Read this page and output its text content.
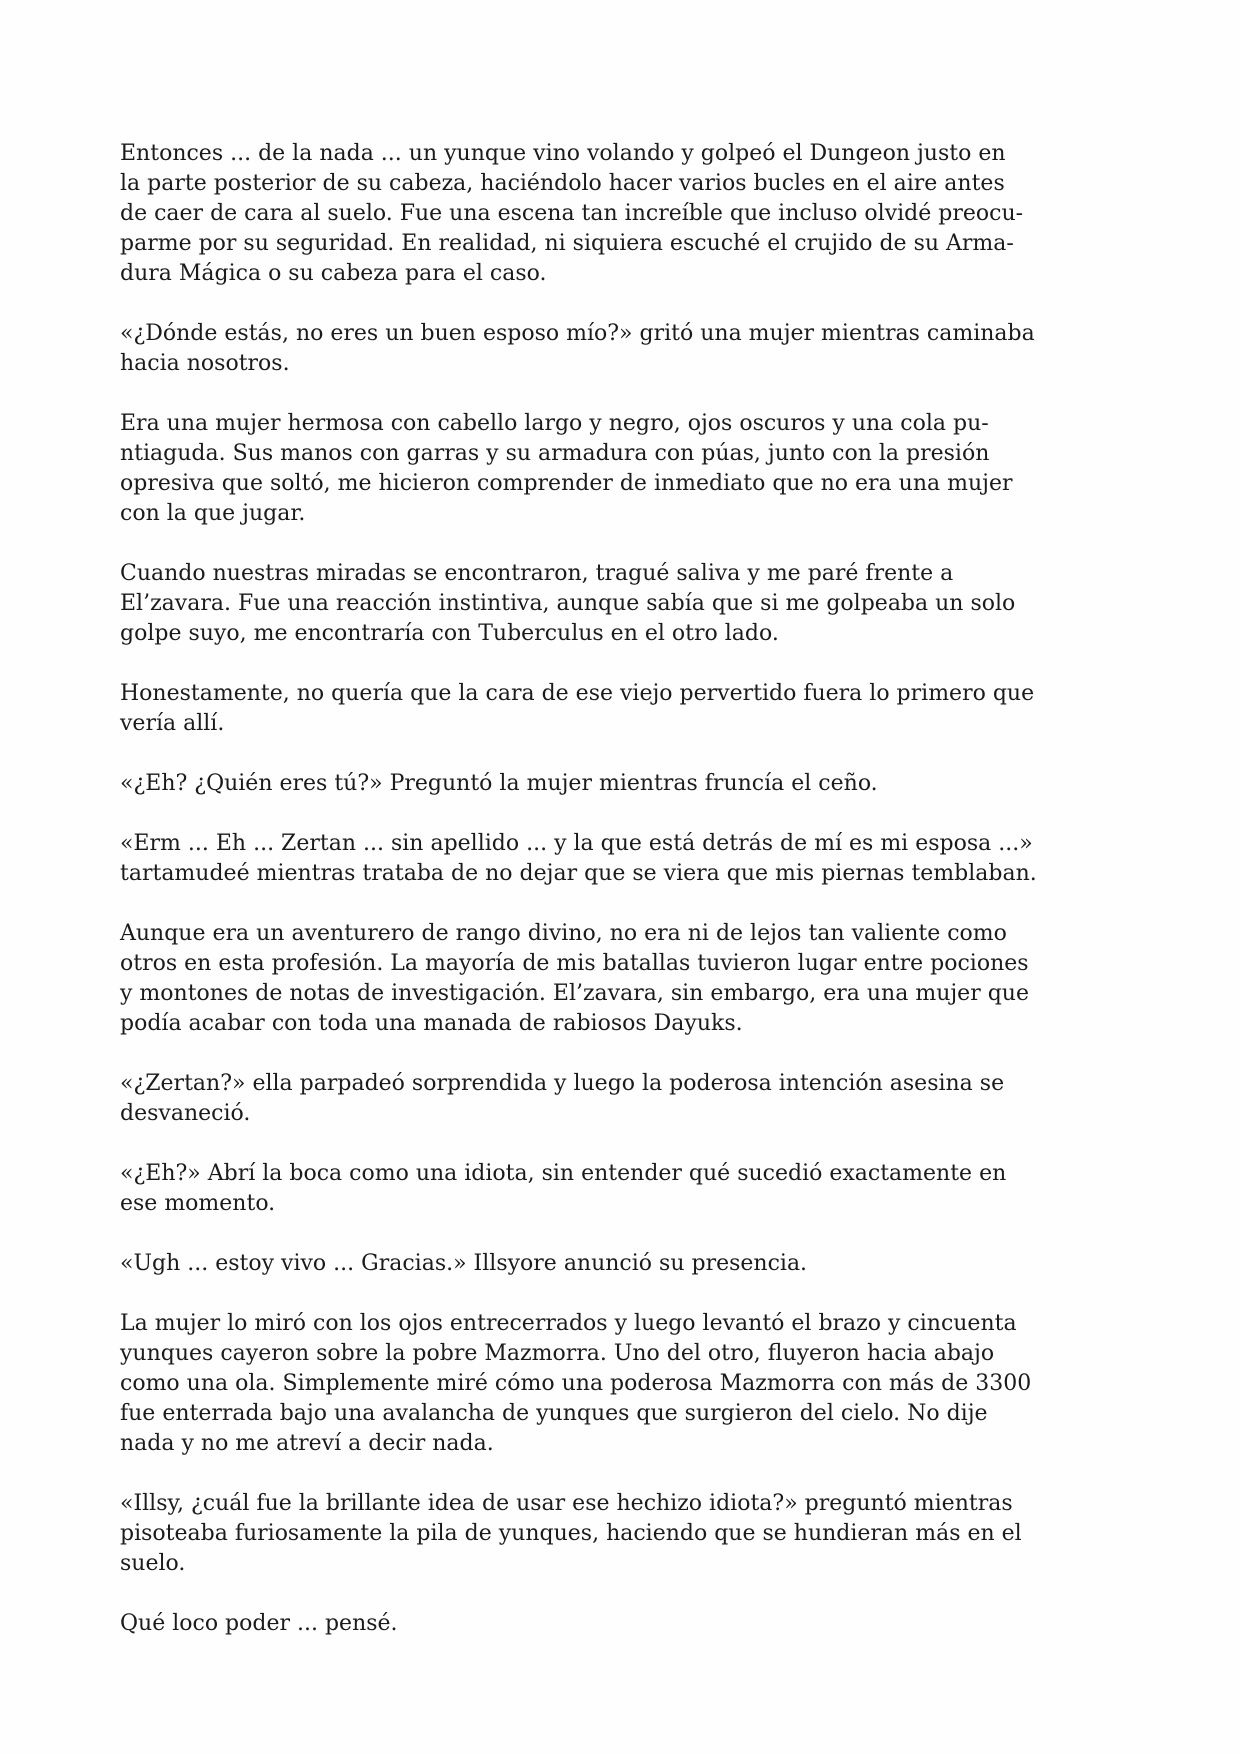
Entonces ... de la nada ... un yunque vino volando y golpeó el Dungeon justo en
la parte posterior de su cabeza, haciéndolo hacer varios bucles en el aire antes
de caer de cara al suelo. Fue una escena tan increíble que incluso olvidé preocu-
parme por su seguridad. En realidad, ni siquiera escuché el crujido de su Arma-
dura Mágica o su cabeza para el caso.
«¿Dónde estás, no eres un buen esposo mío?» gritó una mujer mientras caminaba
hacia nosotros.
Era una mujer hermosa con cabello largo y negro, ojos oscuros y una cola pu-
ntiaguda. Sus manos con garras y su armadura con púas, junto con la presión
opresiva que soltó, me hicieron comprender de inmediato que no era una mujer
con la que jugar.
Cuando nuestras miradas se encontraron, tragué saliva y me paré frente a
El’zavara. Fue una reacción instintiva, aunque sabía que si me golpeaba un solo
golpe suyo, me encontraría con Tuberculus en el otro lado.
Honestamente, no quería que la cara de ese viejo pervertido fuera lo primero que
vería allí.
«¿Eh? ¿Quién eres tú?» Preguntó la mujer mientras fruncía el ceño.
«Erm ... Eh ... Zertan ... sin apellido ... y la que está detrás de mí es mi esposa ...»
tartamudeé mientras trataba de no dejar que se viera que mis piernas temblaban.
Aunque era un aventurero de rango divino, no era ni de lejos tan valiente como
otros en esta profesión. La mayoría de mis batallas tuvieron lugar entre pociones
y montones de notas de investigación. El’zavara, sin embargo, era una mujer que
podía acabar con toda una manada de rabiosos Dayuks.
«¿Zertan?» ella parpadeó sorprendida y luego la poderosa intención asesina se
desvaneció.
«¿Eh?» Abrí la boca como una idiota, sin entender qué sucedió exactamente en
ese momento.
«Ugh ... estoy vivo ... Gracias.» Illsyore anunció su presencia.
La mujer lo miró con los ojos entrecerrados y luego levantó el brazo y cincuenta
yunques cayeron sobre la pobre Mazmorra. Uno del otro, fluyeron hacia abajo
como una ola. Simplemente miré cómo una poderosa Mazmorra con más de 3300
fue enterrada bajo una avalancha de yunques que surgieron del cielo. No dije
nada y no me atreví a decir nada.
«Illsy, ¿cuál fue la brillante idea de usar ese hechizo idiota?» preguntó mientras
pisoteaba furiosamente la pila de yunques, haciendo que se hundieran más en el
suelo.
Qué loco poder ... pensé.
